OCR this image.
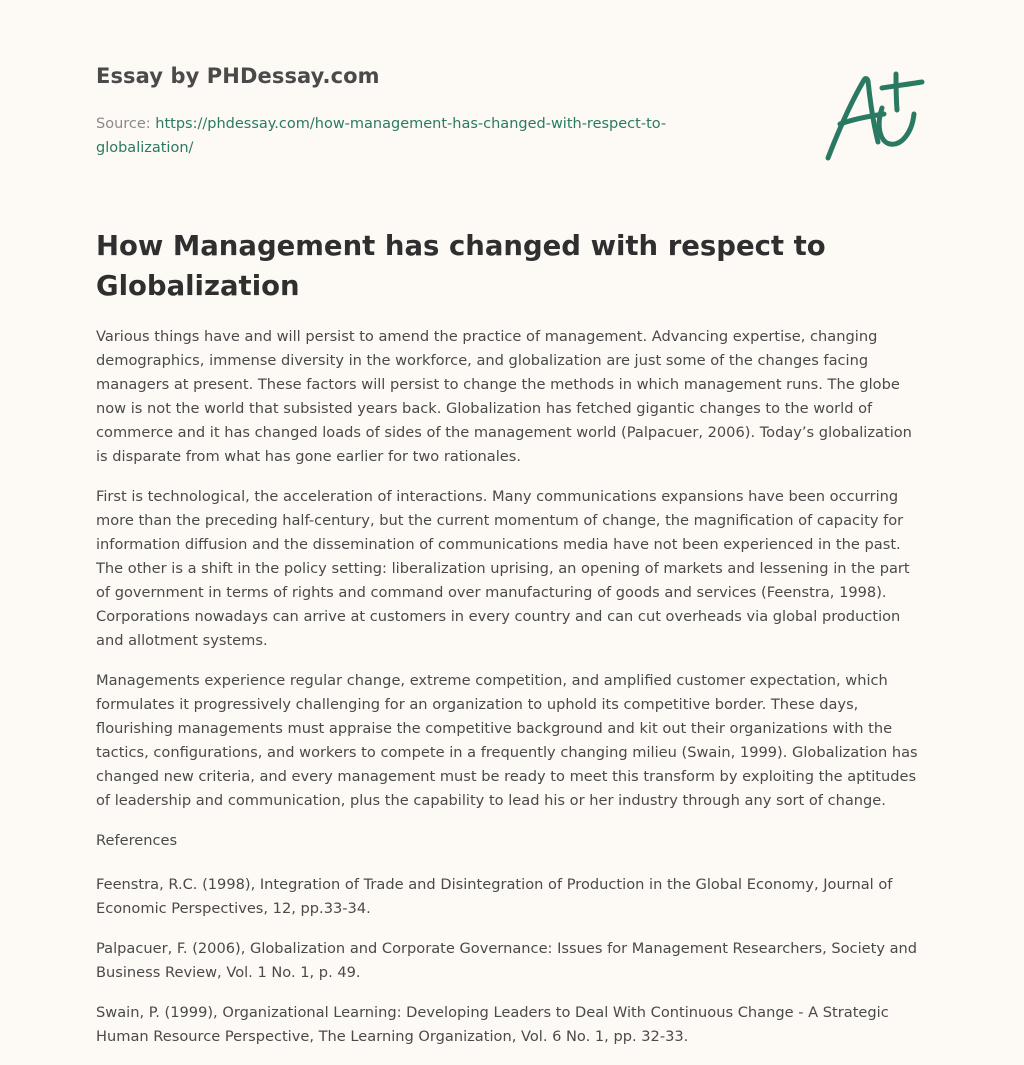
Essay by PHDessay.com
Source: https://phdessay.com/how-management-has-changed-with-respect-to-globalization/
How Management has changed with respect to Globalization

Various things have and will persist to amend the practice of management. Advancing expertise, changing demographics, immense diversity in the workforce, and globalization are just some of the changes facing managers at present. These factors will persist to change the methods in which management runs. The globe now is not the world that subsisted years back. Globalization has fetched gigantic changes to the world of commerce and it has changed loads of sides of the management world (Palpacuer, 2006). Today’s globalization is disparate from what has gone earlier for two rationales.

First is technological, the acceleration of interactions. Many communications expansions have been occurring more than the preceding half-century, but the current momentum of change, the magnification of capacity for information diffusion and the dissemination of communications media have not been experienced in the past. The other is a shift in the policy setting: liberalization uprising, an opening of markets and lessening in the part of government in terms of rights and command over manufacturing of goods and services (Feenstra, 1998). Corporations nowadays can arrive at customers in every country and can cut overheads via global production and allotment systems.

Managements experience regular change, extreme competition, and amplified customer expectation, which formulates it progressively challenging for an organization to uphold its competitive border. These days, flourishing managements must appraise the competitive background and kit out their organizations with the tactics, configurations, and workers to compete in a frequently changing milieu (Swain, 1999). Globalization has changed new criteria, and every management must be ready to meet this transform by exploiting the aptitudes of leadership and communication, plus the capability to lead his or her industry through any sort of change.

References

Feenstra, R.C. (1998), Integration of Trade and Disintegration of Production in the Global Economy, Journal of Economic Perspectives, 12, pp.33-34.

Palpacuer, F. (2006), Globalization and Corporate Governance: Issues for Management Researchers, Society and Business Review, Vol. 1 No. 1, p. 49.

Swain, P. (1999), Organizational Learning: Developing Leaders to Deal With Continuous Change - A Strategic Human Resource Perspective, The Learning Organization, Vol. 6 No. 1, pp. 32-33.
